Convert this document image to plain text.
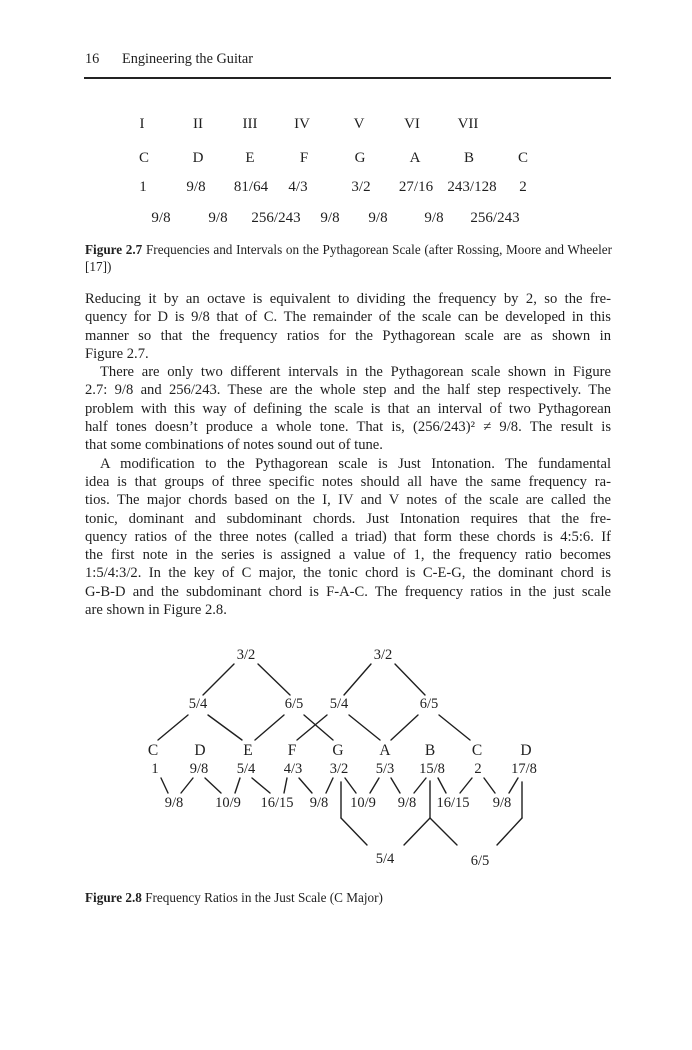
16 Engineering the Guitar
I	II	III IV	V	VI	VII
C	D	E	F	G	A	B	C
1	9/8 81/64 4/3	3/2 27/16 243/128 2
9/8	9/8 256/243 9/8 9/8 9/8 256/243

Figure 2.7 Frequencies and Intervals on the Pythagorean Scale (after Rossing, Moore and Wheeler [17])

Reducing it by an octave is equivalent to dividing the frequency by 2, so the fre-
quency for D is 9/8 that of C. The remainder of the scale can be developed in this
manner so that the frequency ratios for the Pythagorean scale are as shown in
Figure 2.7.
There are only two different intervals in the Pythagorean scale shown in Figure
2.7: 9/8 and 256/243. These are the whole step and the half step respectively. The
problem with this way of defining the scale is that an interval of two Pythagorean
half tones doesn’t produce a whole tone. That is, (256/243)² ≠ 9/8. The result is
that some combinations of notes sound out of tune.
A modification to the Pythagorean scale is Just Intonation. The fundamental
idea is that groups of three specific notes should all have the same frequency ra-
tios. The major chords based on the I, IV and V notes of the scale are called the
tonic, dominant and subdominant chords. Just Intonation requires that the fre-
quency ratios of the three notes (called a triad) that form these chords is 4:5:6. If
the first note in the series is assigned a value of 1, the frequency ratio becomes
1:5/4:3/2. In the key of C major, the tonic chord is C-E-G, the dominant chord is
G-B-D and the subdominant chord is F-A-C. The frequency ratios in the just scale
are shown in Figure 2.8.
3/2	3/2
5/4	6/5 5/4	6/5
C D E F G A B C D
1 9/8 5/4 4/3 3/2 5/3 15/8 2 17/8
9/8 10/9 16/15 9/8 10/9 9/8 16/15 9/8
5/4	6/5

Figure 2.8 Frequency Ratios in the Just Scale (C Major)
